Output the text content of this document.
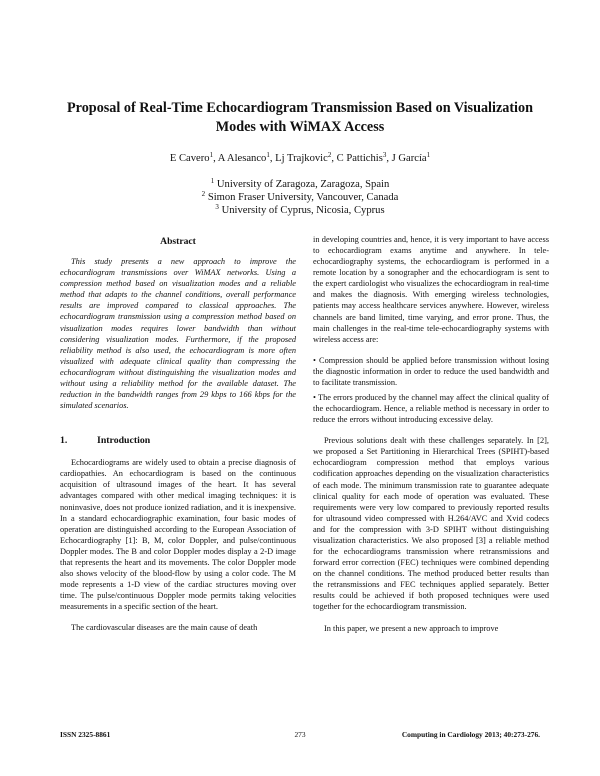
Proposal of Real-Time Echocardiogram Transmission Based on Visualization
Modes with WiMAX Access
E Cavero$^1$, A Alesanco$^1$, Lj Trajkovic$^2$, C Pattichis$^3$, J García$^1$
$^1$ University of Zaragoza, Zaragoza, Spain
$^2$ Simon Fraser University, Vancouver, Canada
$^3$ University of Cyprus, Nicosia, Cyprus
Abstract

This study presents a new approach to improve the echocardiogram transmissions over WiMAX networks. Using a compression method based on visualization modes and a reliable method that adapts to the channel conditions, overall performance results are improved compared to classical approaches. The echocardiogram transmission using a compression method based on visualization modes requires lower bandwidth than without considering visualization modes. Furthermore, if the proposed reliability method is also used, the echocardiogram is more often visualized with adequate clinical quality than compressing the echocardiogram without distinguishing the visualization modes and without using a reliability method for the available dataset. The reduction in the bandwidth ranges from 29 kbps to 166 kbps for the simulated scenarios.

1.	Introduction

Echocardiograms are widely used to obtain a precise diagnosis of cardiopathies. An echocardiogram is based on the continuous acquisition of ultrasound images of the heart. It has several advantages compared with other medical imaging techniques: it is noninvasive, does not produce ionized radiation, and it is inexpensive. In a standard echocardiographic examination, four basic modes of operation are distinguished according to the European Association of Echocardiography [1]: B, M, color Doppler, and pulse/continuous Doppler modes. The B and color Doppler modes display a 2-D image that represents the heart and its movements. The color Doppler mode also shows velocity of the blood-flow by using a color code. The M mode represents a 1-D view of the cardiac structures moving over time. The pulse/continuous Doppler mode permits taking velocities measurements in a specific section of the heart.

The cardiovascular diseases are the main cause of death

in developing countries and, hence, it is very important to have access to echocardiogram exams anytime and anywhere. In tele-echocardiography systems, the echocardiogram is performed in a remote location by a sonographer and the echocardiogram is sent to the expert cardiologist who visualizes the echocardiogram in real-time and makes the diagnosis. With emerging wireless technologies, patients may access healthcare services anywhere. However, wireless channels are band limited, time varying, and error prone. Thus, the main challenges in the real-time tele-echocardiography systems with wireless access are:

• Compression should be applied before transmission without losing the diagnostic information in order to reduce the used bandwidth and to facilitate transmission.

• The errors produced by the channel may affect the clinical quality of the echocardiogram. Hence, a reliable method is necessary in order to reduce the errors without introducing excessive delay.

Previous solutions dealt with these challenges separately. In [2], we proposed a Set Partitioning in Hierarchical Trees (SPIHT)-based echocardiogram compression method that employs various codification approaches depending on the visualization characteristics of each mode. The minimum transmission rate to guarantee adequate clinical quality for each mode of operation was evaluated. These requirements were very low compared to previously reported results for ultrasound video compressed with H.264/AVC and Xvid codecs and for the compression with 3-D SPIHT without distinguishing visualization characteristics. We also proposed [3] a reliable method for the echocardiograms transmission where retransmissions and forward error correction (FEC) techniques were combined depending on the channel conditions. The method produced better results than the retransmissions and FEC techniques applied separately. Better results could be achieved if both proposed techniques were used together for the echocardiogram transmission.

In this paper, we present a new approach to improve

ISSN 2325-8861	273	Computing in Cardiology 2013; 40:273-276.
